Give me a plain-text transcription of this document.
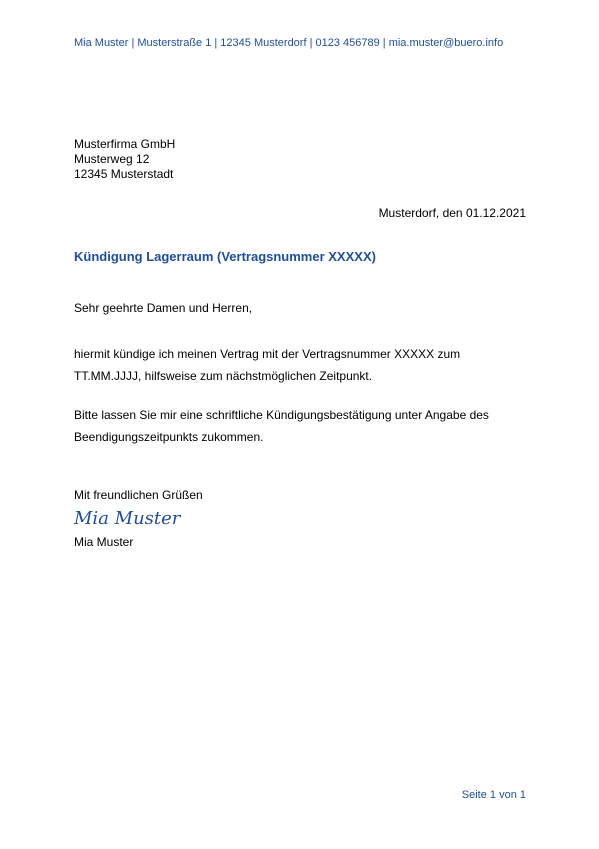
Mia Muster | Musterstraße 1 | 12345 Musterdorf | 0123 456789 | mia.muster@buero.info
Musterfirma GmbH
Musterweg 12
12345 Musterstadt
Musterdorf, den 01.12.2021
Kündigung Lagerraum (Vertragsnummer XXXXX)
Sehr geehrte Damen und Herren,
hiermit kündige ich meinen Vertrag mit der Vertragsnummer XXXXX zum
TT.MM.JJJJ, hilfsweise zum nächstmöglichen Zeitpunkt.
Bitte lassen Sie mir eine schriftliche Kündigungsbestätigung unter Angabe des
Beendigungszeitpunkts zukommen.
Mit freundlichen Grüßen
Mia Muster
Mia Muster
Seite 1 von 1
